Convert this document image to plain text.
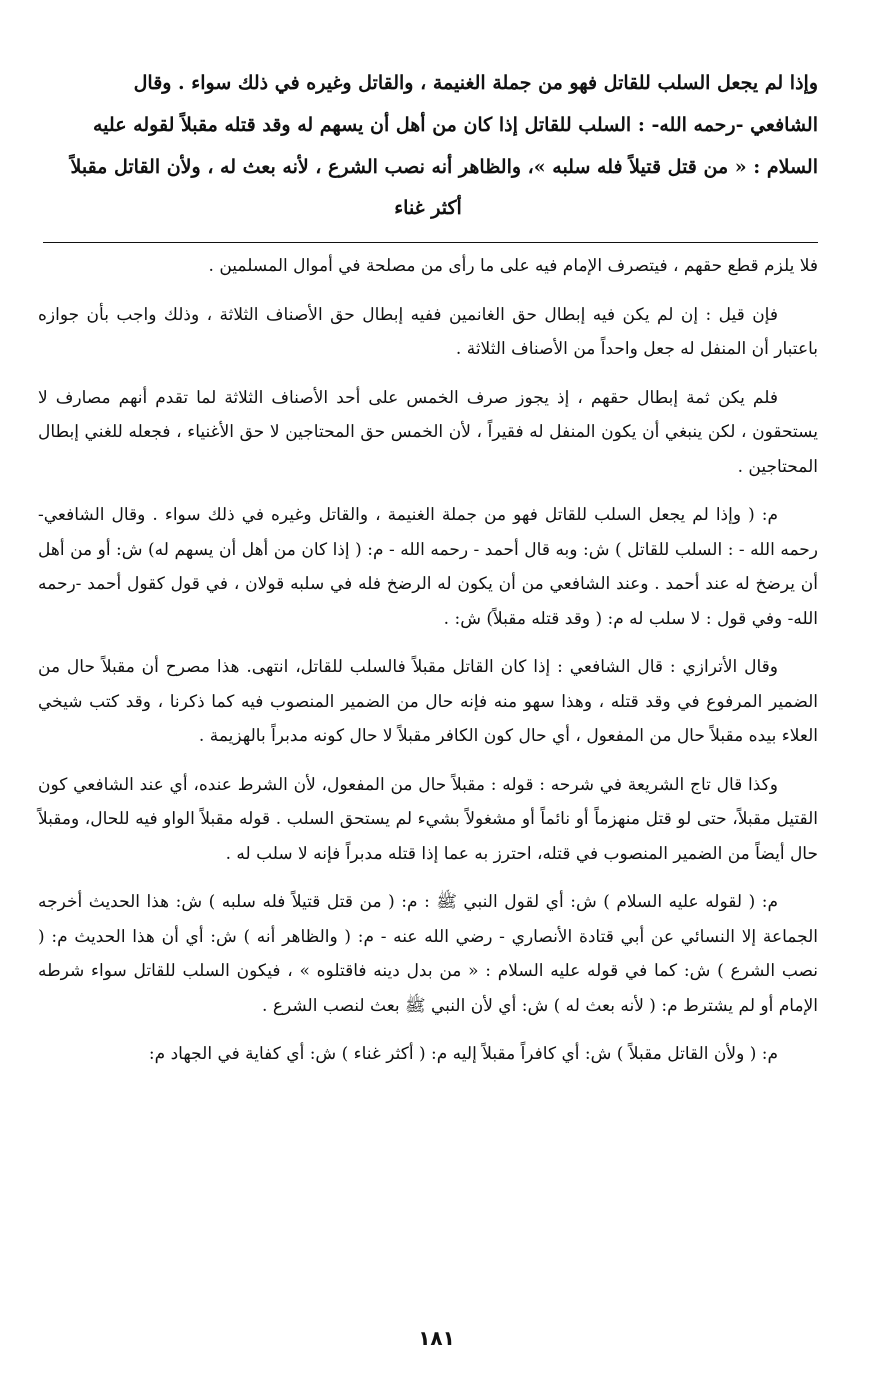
وإذا لم يجعل السلب للقاتل فهو من جملة الغنيمة ، والقاتل وغيره في ذلك سواء . وقال

الشافعي -رحمه الله- : السلب للقاتل إذا كان من أهل أن يسهم له وقد قتله مقبلاً لقوله عليه

السلام : « من قتل قتيلاً فله سلبه »، والظاهر أنه نصب الشرع ، لأنه بعث له ، ولأن القاتل مقبلاً

أكثر غناء

فلا يلزم قطع حقهم ، فيتصرف الإمام فيه على ما رأى من مصلحة في أموال المسلمين .

فإن قيل : إن لم يكن فيه إبطال حق الغانمين ففيه إبطال حق الأصناف الثلاثة ، وذلك واجب بأن جوازه باعتبار أن المنفل له جعل واحداً من الأصناف الثلاثة .

فلم يكن ثمة إبطال حقهم ، إذ يجوز صرف الخمس على أحد الأصناف الثلاثة لما تقدم أنهم مصارف لا يستحقون ، لكن ينبغي أن يكون المنفل له فقيراً ، لأن الخمس حق المحتاجين لا حق الأغنياء ، فجعله للغني إبطال المحتاجين .

م: ( وإذا لم يجعل السلب للقاتل فهو من جملة الغنيمة ، والقاتل وغيره في ذلك سواء . وقال الشافعي- رحمه الله - : السلب للقاتل ) ش: وبه قال أحمد - رحمه الله - م: ( إذا كان من أهل أن يسهم له) ش: أو من أهل أن يرضخ له عند أحمد . وعند الشافعي من أن يكون له الرضخ فله في سلبه قولان ، في قول كقول أحمد -رحمه الله- وفي قول : لا سلب له م: ( وقد قتله مقبلاً) ش: .

وقال الأترازي : قال الشافعي : إذا كان القاتل مقبلاً فالسلب للقاتل، انتهى. هذا مصرح أن مقبلاً حال من الضمير المرفوع في وقد قتله ، وهذا سهو منه فإنه حال من الضمير المنصوب فيه كما ذكرنا ، وقد كتب شيخي العلاء بيده مقبلاً حال من المفعول ، أي حال كون الكافر مقبلاً لا حال كونه مدبراً بالهزيمة .

وكذا قال تاج الشريعة في شرحه : قوله : مقبلاً حال من المفعول، لأن الشرط عنده، أي عند الشافعي كون القتيل مقبلاً، حتى لو قتل منهزماً أو نائماً أو مشغولاً بشيء لم يستحق السلب . قوله مقبلاً الواو فيه للحال، ومقبلاً حال أيضاً من الضمير المنصوب في قتله، احترز به عما إذا قتله مدبراً فإنه لا سلب له .

م: ( لقوله عليه السلام ) ش: أي لقول النبي ﷺ : م: ( من قتل قتيلاً فله سلبه ) ش: هذا الحديث أخرجه الجماعة إلا النسائي عن أبي قتادة الأنصاري - رضي الله عنه - م: ( والظاهر أنه ) ش: أي أن هذا الحديث م: ( نصب الشرع ) ش: كما في قوله عليه السلام : « من بدل دينه فاقتلوه » ، فيكون السلب للقاتل سواء شرطه الإمام أو لم يشترط م: ( لأنه بعث له ) ش: أي لأن النبي ﷺ بعث لنصب الشرع .

م: ( ولأن القاتل مقبلاً ) ش: أي كافراً مقبلاً إليه م: ( أكثر غناء ) ش: أي كفاية في الجهاد م:

١٨١
